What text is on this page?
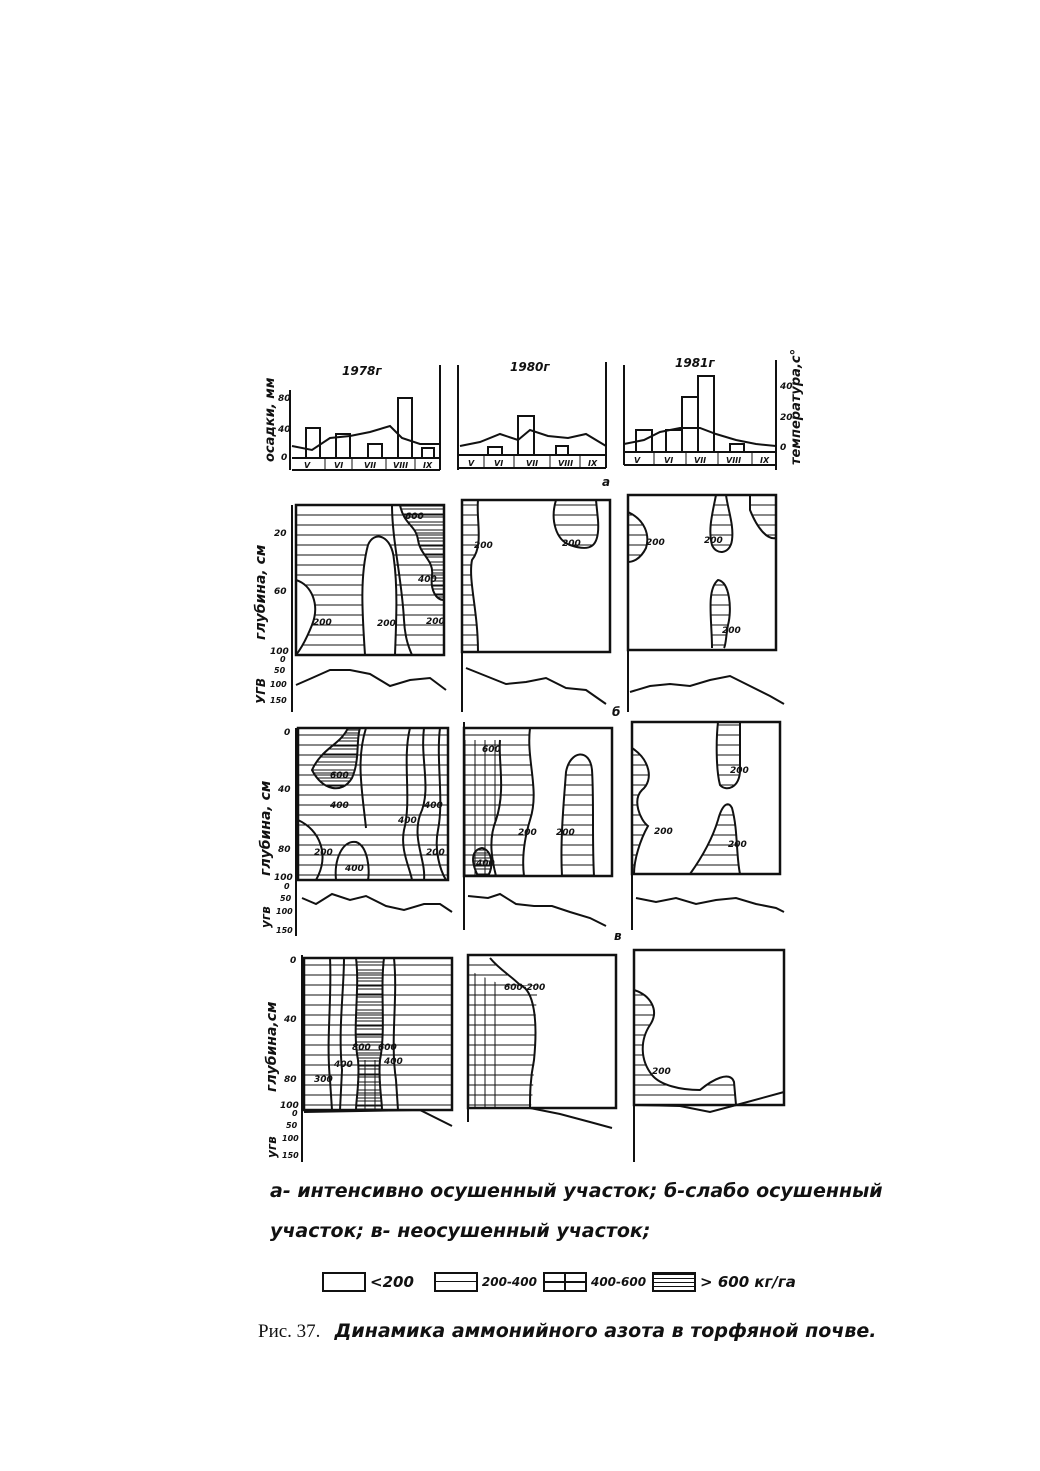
1978г	1980г	1981г
осадки, мм	температура,с°
80
40
0
40
20
0
V	VI	VII VIII IX	V VI	VII VIII IX	V	VI	VII VIII IX
а
глубина, см
УГВ
20
60
100
0
50
100
150
600
400
200	200	200
200	200
б
200	200
200
глубина, см
угв
0
40
80
100
0
50
100
150
600
400
400
400
400
200	200
600
200 200
400
в
200
200
200
глубина,см
угв
0
40
80
100
0
50
100
150
800 600
400	400
300
600-200
200
а- интенсивно осушенный участок; б-слабо осушенный
участок; в- неосушенный участок;
<200	200-400	400-600	> 600 кг/га
Рис. 37. Динамика аммонийного азота в торфяной почве.
